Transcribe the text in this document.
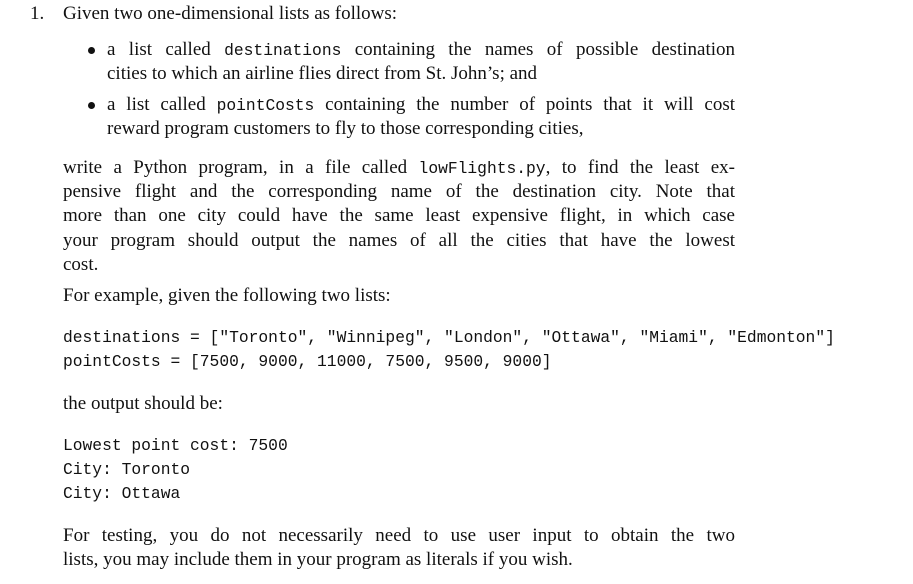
1. Given two one-dimensional lists as follows:
a list called destinations containing the names of possible destination
cities to which an airline flies direct from St. John’s; and
a list called pointCosts containing the number of points that it will cost
reward program customers to fly to those corresponding cities,
write a Python program, in a file called lowFlights.py, to find the least ex-
pensive flight and the corresponding name of the destination city. Note that
more than one city could have the same least expensive flight, in which case
your program should output the names of all the cities that have the lowest
cost.
For example, given the following two lists:
destinations = ["Toronto", "Winnipeg", "London", "Ottawa", "Miami", "Edmonton"]
pointCosts = [7500, 9000, 11000, 7500, 9500, 9000]
the output should be:
Lowest point cost: 7500
City: Toronto
City: Ottawa
For testing, you do not necessarily need to use user input to obtain the two
lists, you may include them in your program as literals if you wish.
